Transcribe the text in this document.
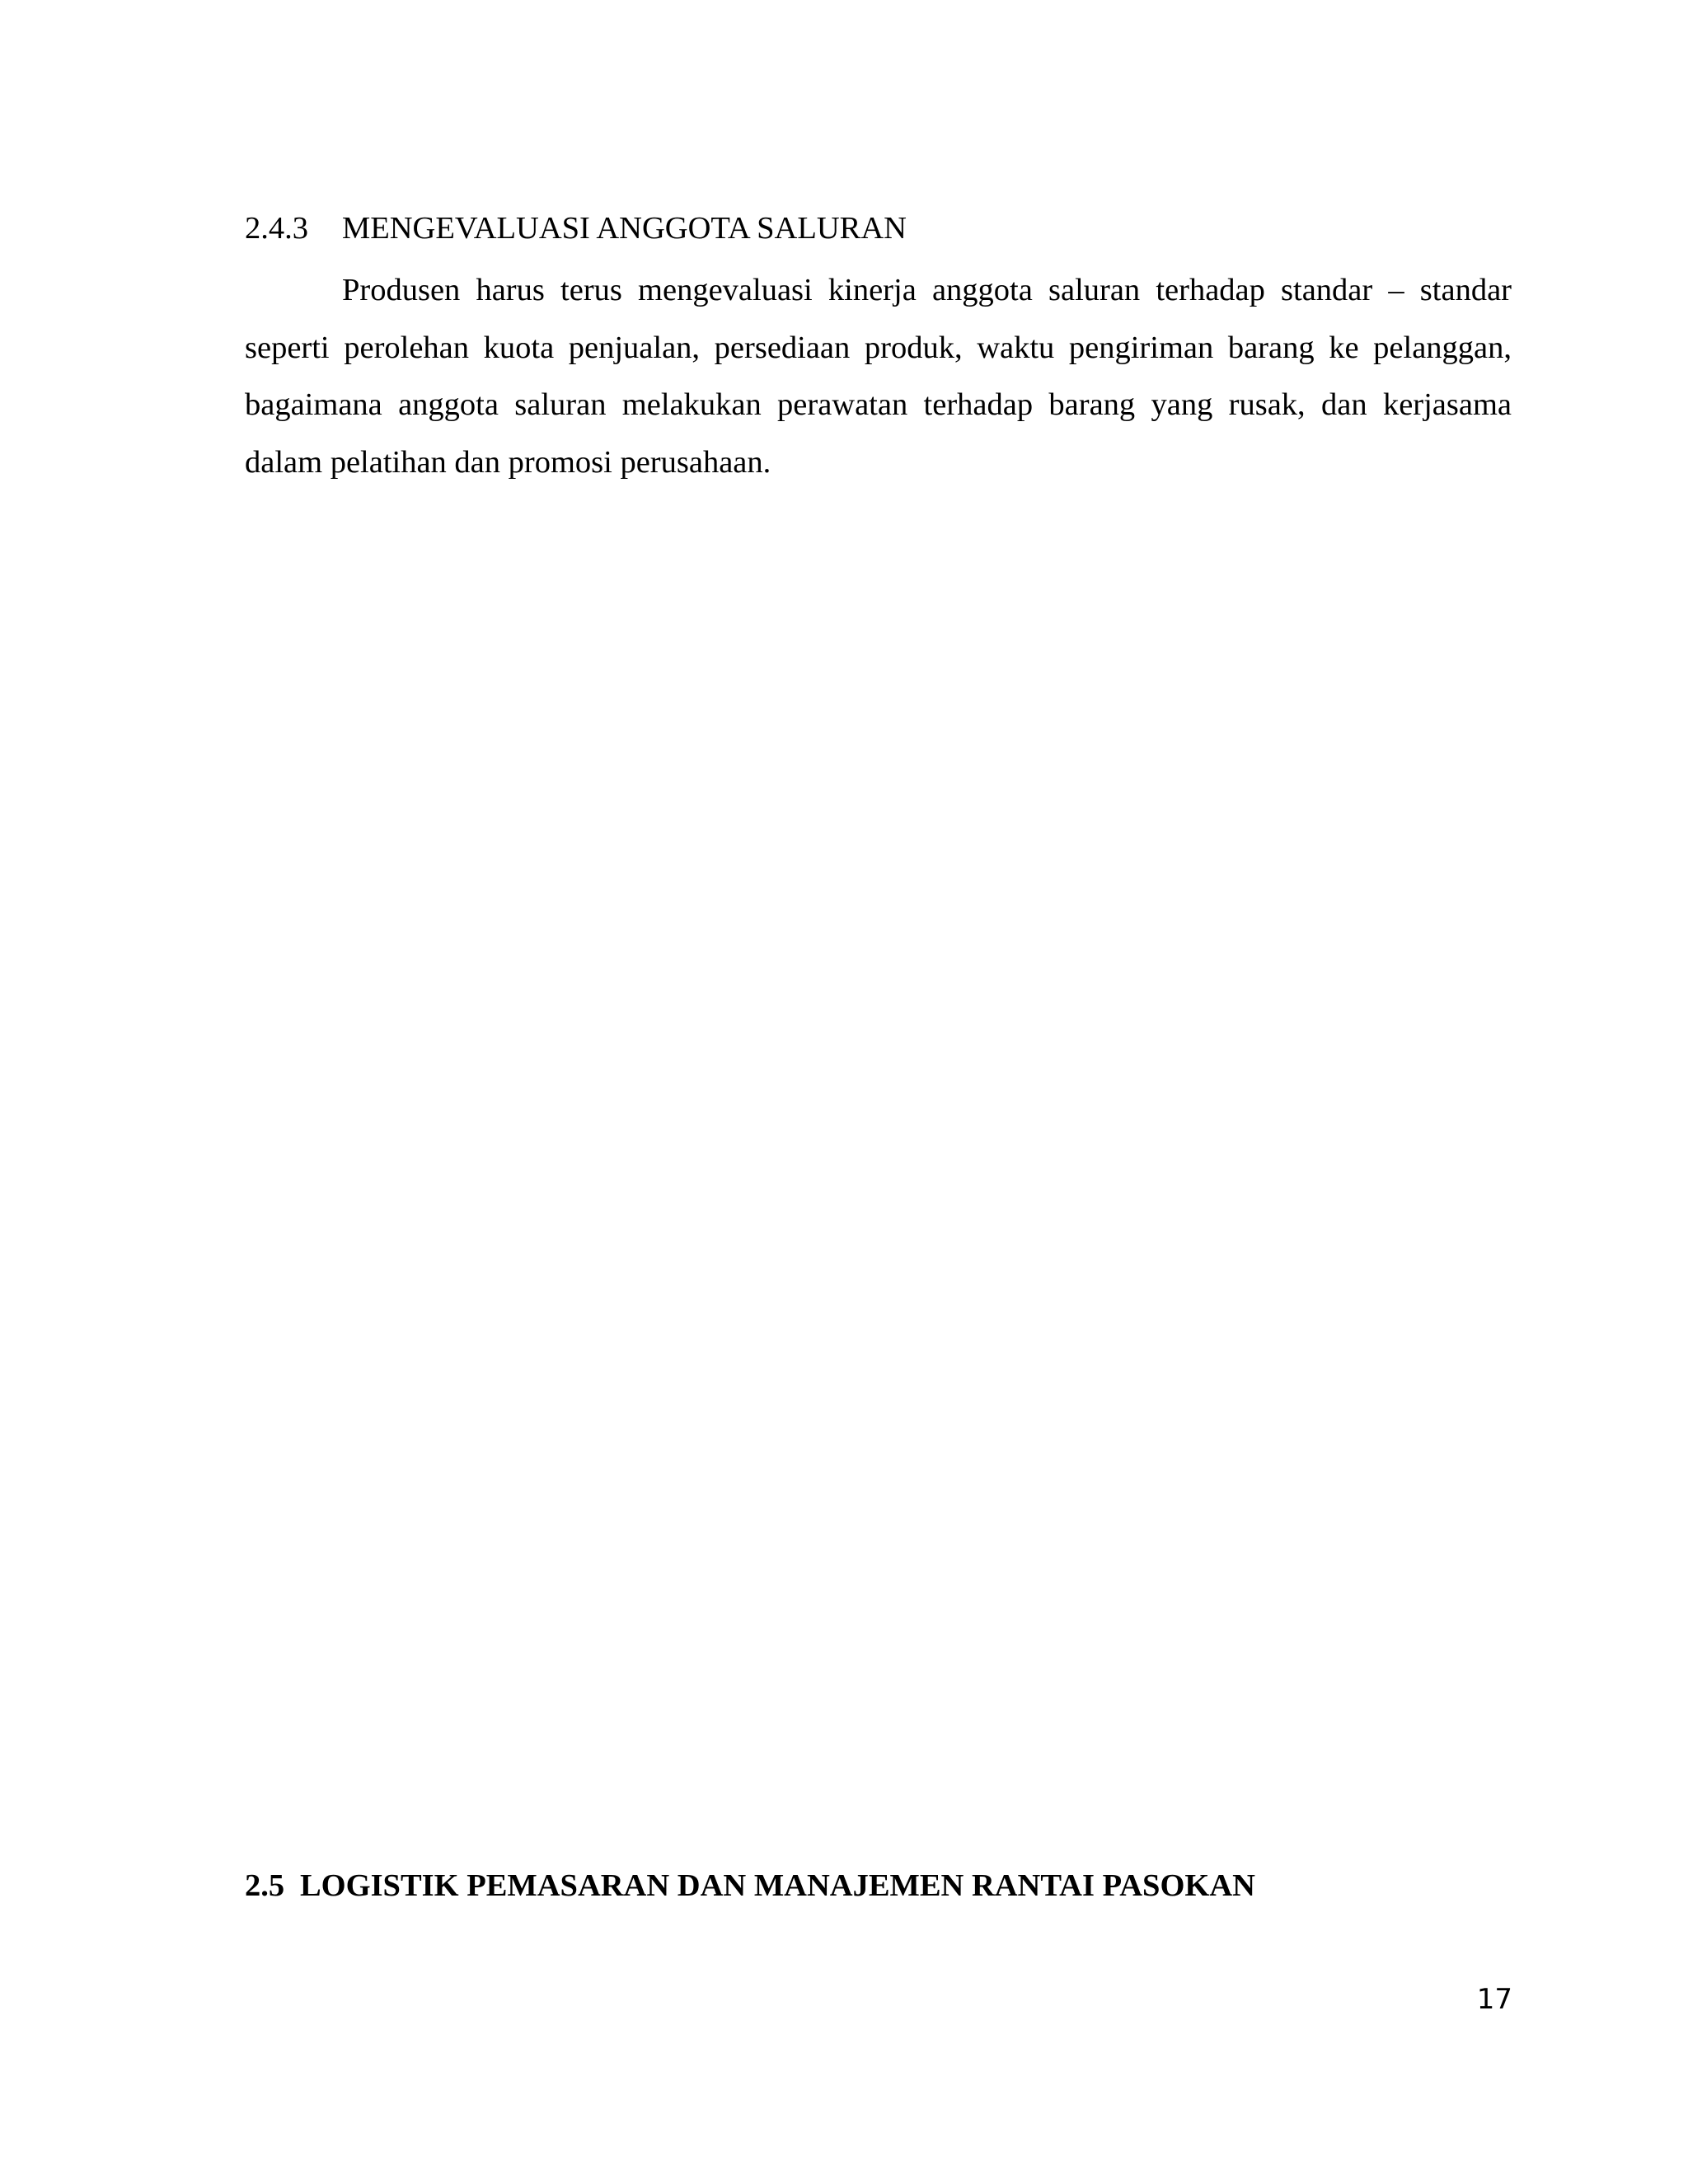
2.4.3 MENGEVALUASI ANGGOTA SALURAN

Produsen harus terus mengevaluasi kinerja anggota saluran terhadap standar – standar seperti perolehan kuota penjualan, persediaan produk, waktu pengiriman barang ke pelanggan, bagaimana anggota saluran melakukan perawatan terhadap barang yang rusak, dan kerjasama dalam pelatihan dan promosi perusahaan.

2.5 LOGISTIK PEMASARAN DAN MANAJEMEN RANTAI PASOKAN
17
